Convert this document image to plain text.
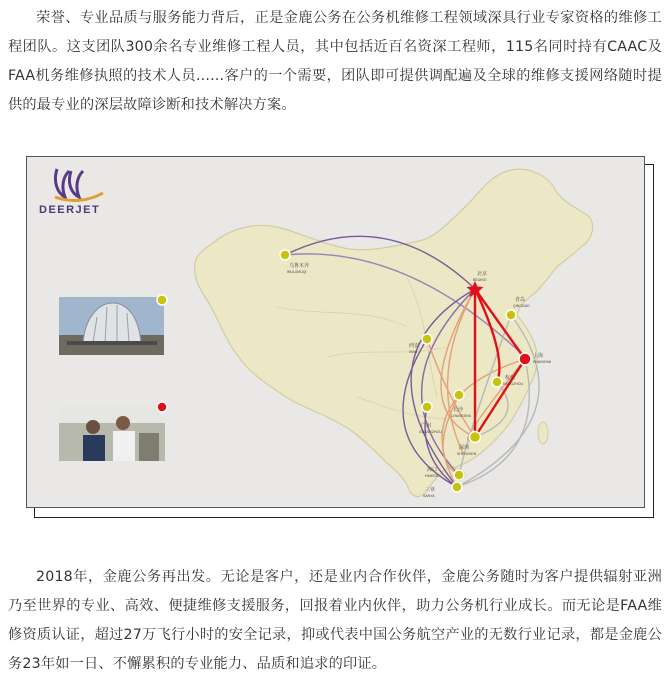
荣誉、专业品质与服务能力背后，正是金鹿公务在公务机维修工程领域深具行业专家资格的维修工程团队。这支团队300余名专业维修工程人员，其中包括近百名资深工程师，115名同时持有CAAC及FAA机务维修执照的技术人员......客户的一个需要，团队即可提供调配遍及全球的维修支援网络随时提供的最专业的深层故障诊断和技术解决方案。

DEERJET
乌鲁木齐
WULUMUQI	北京
BEIJING
青岛
QINGDAO
西安
XIAN
上海
SHANGHAI
杭州
HANGZHOU
长沙
CHANGSHA
广州
GUANGZHOU
深圳
SHENZHEN
海口
HAIKOU
三亚
SANYA

2018年，金鹿公务再出发。无论是客户，还是业内合作伙伴，金鹿公务随时为客户提供辐射亚洲乃至世界的专业、高效、便捷维修支援服务，回报着业内伙伴，助力公务机行业成长。而无论是FAA维修资质认证，超过27万飞行小时的安全记录，抑或代表中国公务航空产业的无数行业记录，都是金鹿公务23年如一日、不懈累积的专业能力、品质和追求的印证。
